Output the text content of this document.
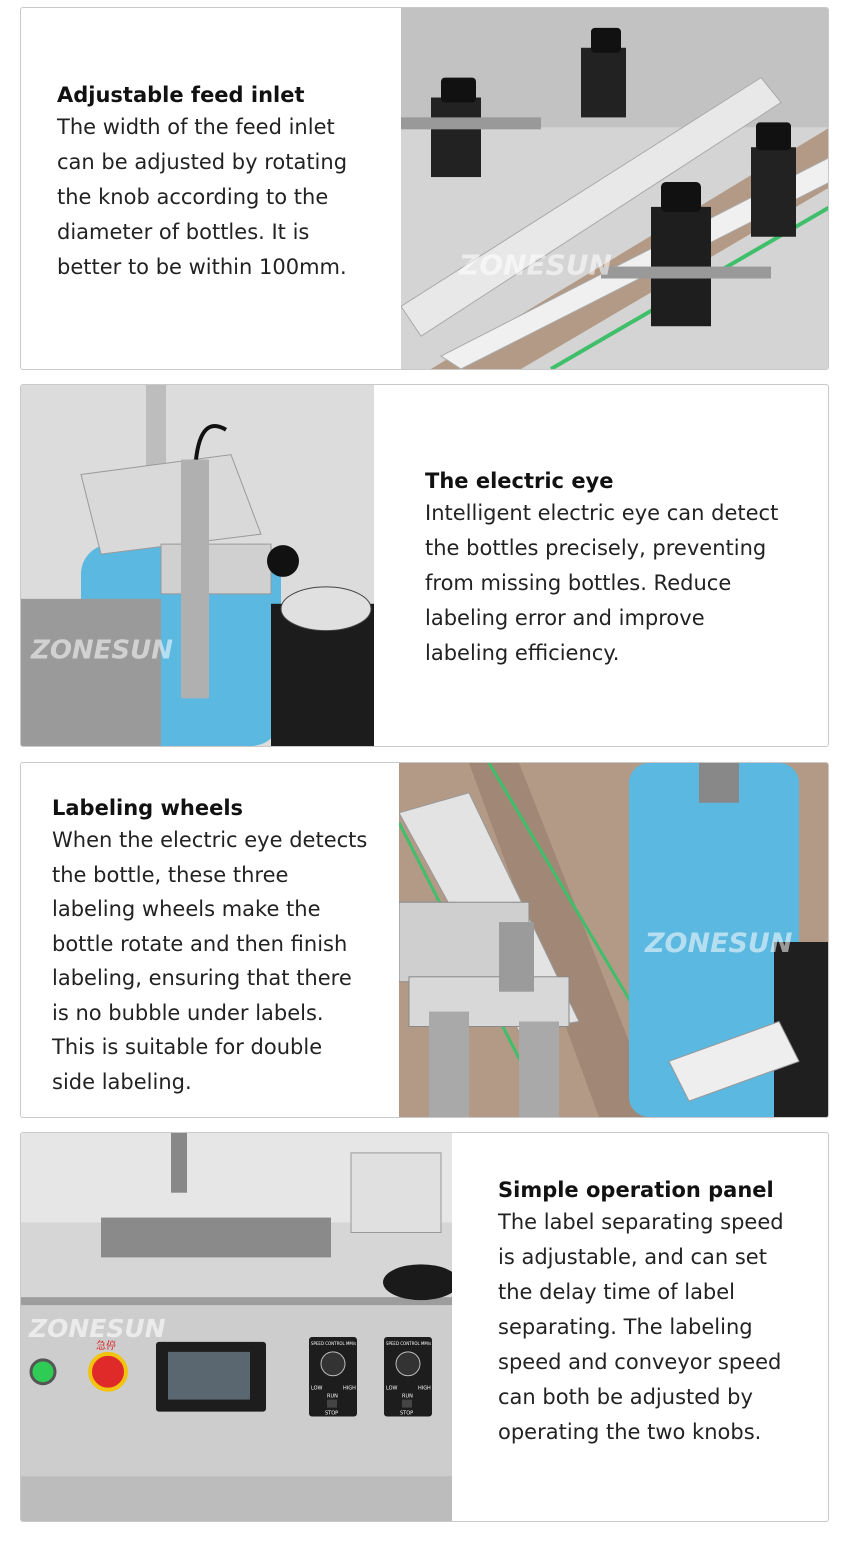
Adjustable feed inlet

The width of the feed inlet

can be adjusted by rotating

the knob according to the

diameter of bottles. It is

better to be within 100mm.	ZONESUN
ZONESUN

The electric eye

Intelligent electric eye can detect

the bottles precisely, preventing

from missing bottles. Reduce

labeling error and improve

labeling efficiency.

Labeling wheels

When the electric eye detects

the bottle, these three

labeling wheels make the

bottle rotate and then finish

labeling, ensuring that there

is no bubble under labels.

This is suitable for double

side labeling.

ZONESUN
急停	SPEED CONTROL MM/s	SPEED CONTROL MM/s
LOW	HIGH	LOW	HIGH
RUN	RUN
STOP	STOP
ZONESUN

Simple operation panel

The label separating speed

is adjustable, and can set

the delay time of label

separating. The labeling

speed and conveyor speed

can both be adjusted by

operating the two knobs.
